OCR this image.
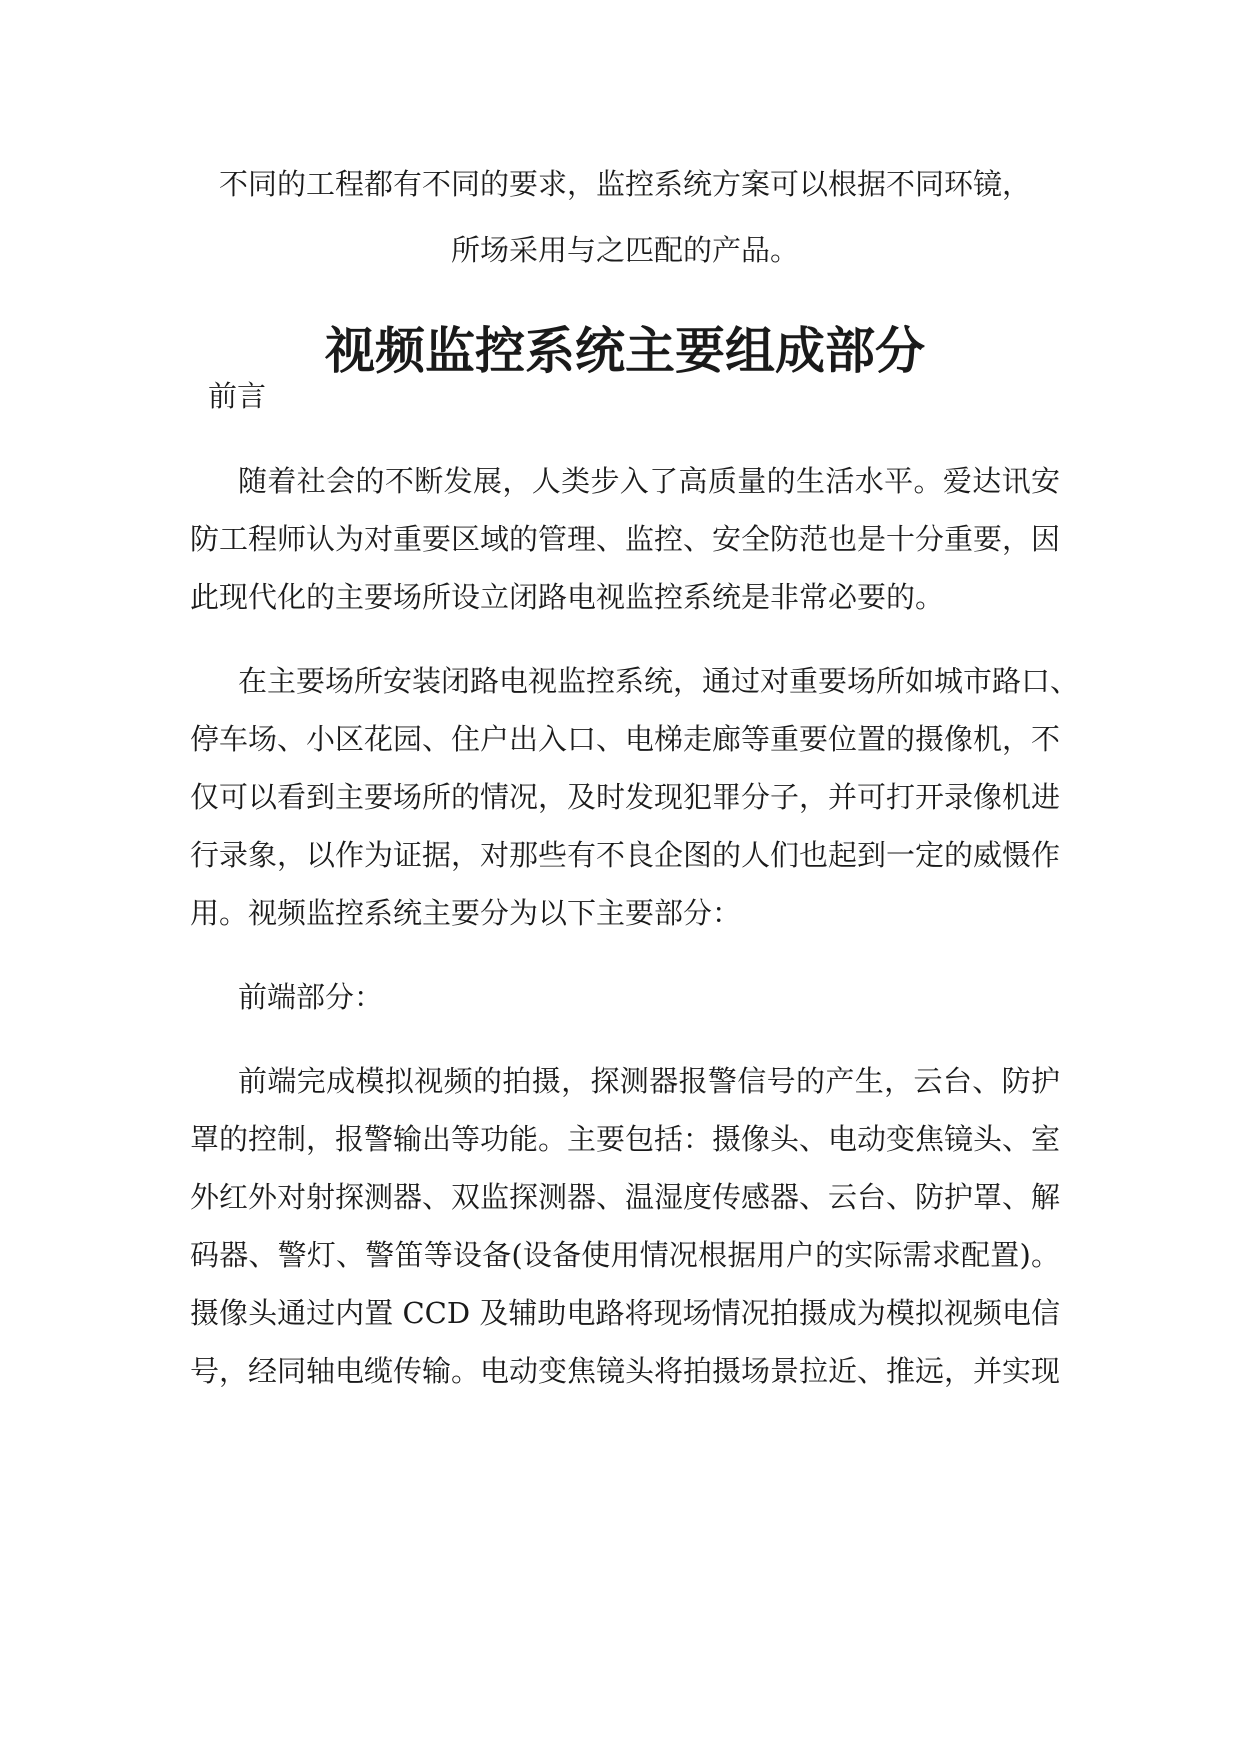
不同的工程都有不同的要求，监控系统方案可以根据不同环镜，
所场采用与之匹配的产品。
视频监控系统主要组成部分
前言
随着社会的不断发展，人类步入了高质量的生活水平。爱达讯安
防工程师认为对重要区域的管理、监控、安全防范也是十分重要，因
此现代化的主要场所设立闭路电视监控系统是非常必要的。
在主要场所安装闭路电视监控系统，通过对重要场所如城市路口、
停车场、小区花园、住户出入口、电梯走廊等重要位置的摄像机，不
仅可以看到主要场所的情况，及时发现犯罪分子，并可打开录像机进
行录象，以作为证据，对那些有不良企图的人们也起到一定的威慑作
用。视频监控系统主要分为以下主要部分：
前端部分：
前端完成模拟视频的拍摄，探测器报警信号的产生，云台、防护
罩的控制，报警输出等功能。主要包括：摄像头、电动变焦镜头、室
外红外对射探测器、双监探测器、温湿度传感器、云台、防护罩、解
码器、警灯、警笛等设备(设备使用情况根据用户的实际需求配置)。
摄像头通过内置 CCD 及辅助电路将现场情况拍摄成为模拟视频电信
号，经同轴电缆传输。电动变焦镜头将拍摄场景拉近、推远，并实现
